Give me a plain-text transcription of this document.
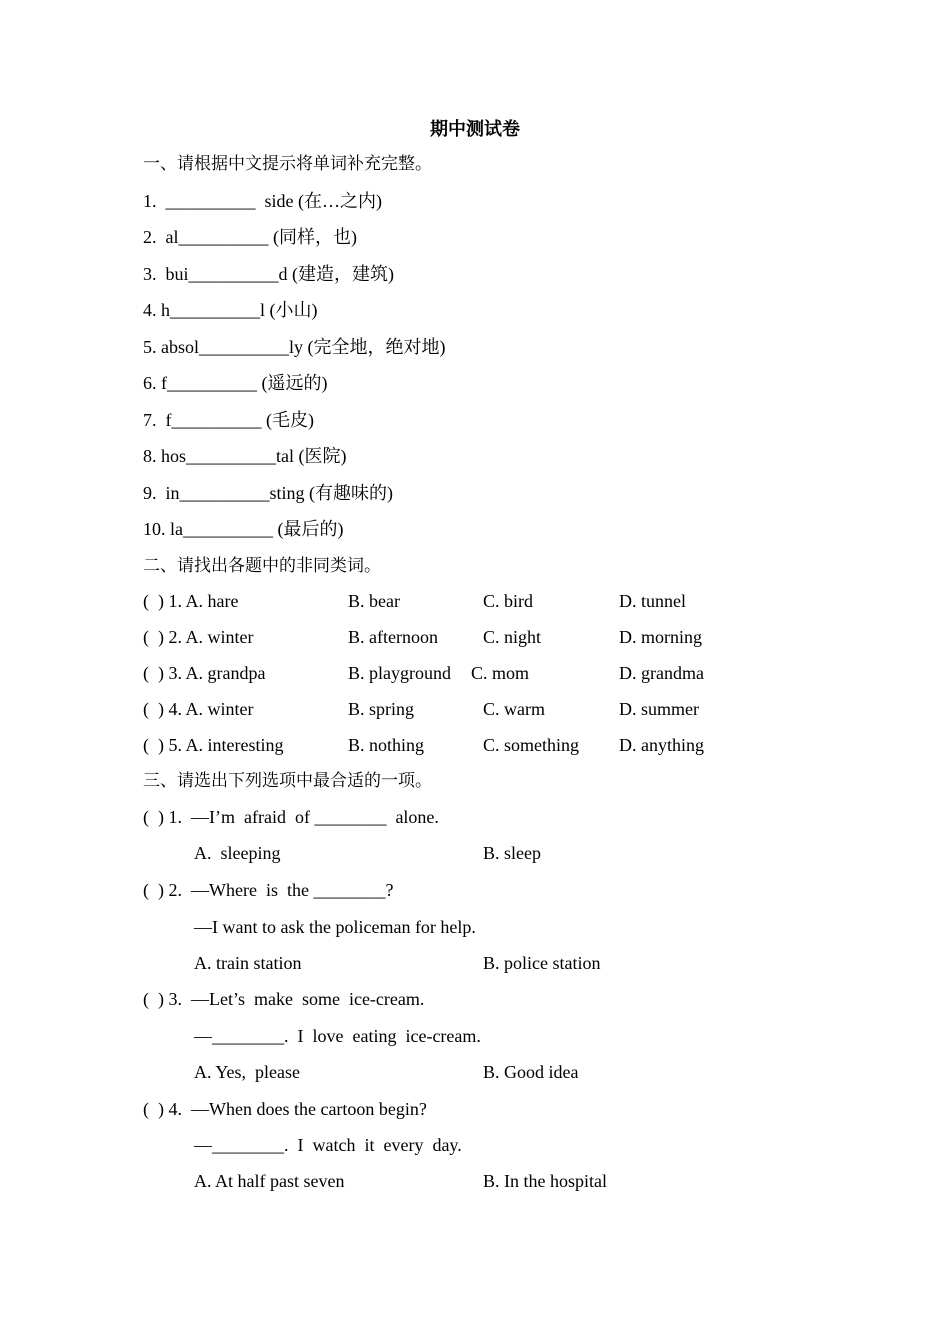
期中测试卷
一、请根据中文提示将单词补充完整。
1.  __________  side (在…之内)
2.  al__________ (同样，也)
3.  bui__________d (建造，建筑)
4. h__________l (小山)
5. absol__________ly (完全地，绝对地)
6. f__________ (遥远的)
7.  f__________ (毛皮)
8. hos__________tal (医院)
9.  in__________sting (有趣味的)
10. la__________ (最后的)
二、请找出各题中的非同类词。
(  ) 1. A. hare	B. bear	C. bird	D. tunnel
(  ) 2. A. winter	B. afternoon	C. night	D. morning
(  ) 3. A. grandpa	B. playground C. mom	D. grandma
(  ) 4. A. winter	B. spring	C. warm	D. summer
(  ) 5. A. interesting	B. nothing	C. something D. anything
三、请选出下列选项中最合适的一项。
(  ) 1.  —I’m  afraid  of ________  alone.
A.  sleeping	B. sleep
(  ) 2.  —Where  is  the ________?
—I want to ask the policeman for help.
A. train station	B. police station
(  ) 3.  —Let’s  make  some  ice-cream.
—________.  I  love  eating  ice-cream.
A. Yes,  please	B. Good idea
(  ) 4.  —When does the cartoon begin?
—________.  I  watch  it  every  day.
A. At half past seven	B. In the hospital
